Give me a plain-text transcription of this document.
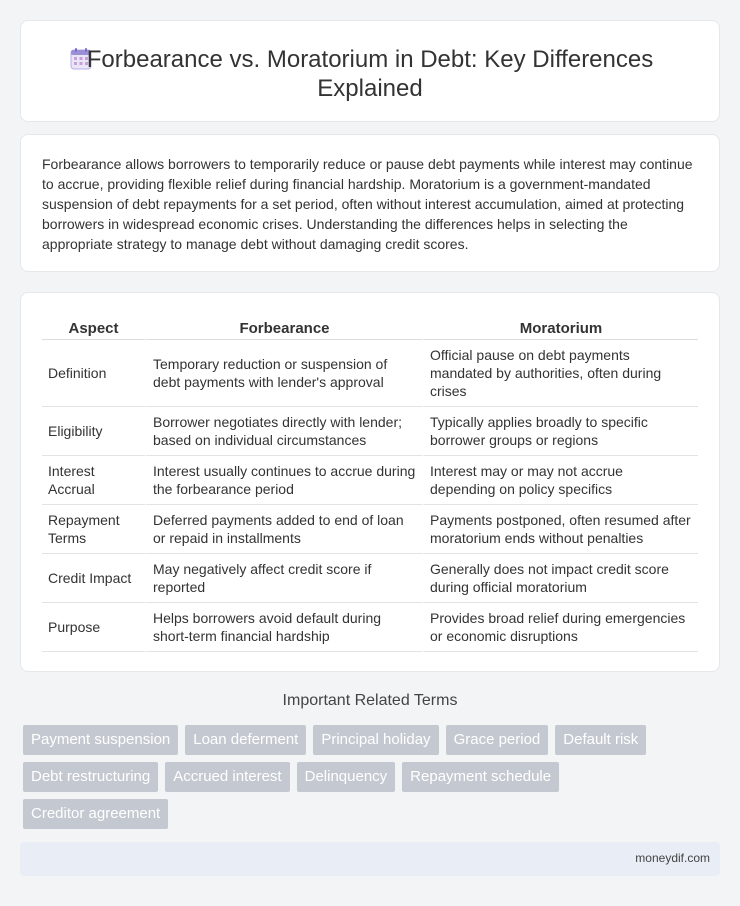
Forbearance vs. Moratorium in Debt: Key Differences Explained

Forbearance allows borrowers to temporarily reduce or pause debt payments while interest may continue to accrue, providing flexible relief during financial hardship. Moratorium is a government-mandated suspension of debt repayments for a set period, often without interest accumulation, aimed at protecting borrowers in widespread economic crises. Understanding the differences helps in selecting the appropriate strategy to manage debt without damaging credit scores.

Aspect	Forbearance	Moratorium
Definition	Temporary reduction or suspension of debt payments with lender's approval	Official pause on debt payments mandated by authorities, often during crises
Eligibility	Borrower negotiates directly with lender; based on individual circumstances	Typically applies broadly to specific borrower groups or regions
Interest Accrual	Interest usually continues to accrue during the forbearance period	Interest may or may not accrue depending on policy specifics
Repayment Terms	Deferred payments added to end of loan or repaid in installments	Payments postponed, often resumed after moratorium ends without penalties
Credit Impact	May negatively affect credit score if reported	Generally does not impact credit score during official moratorium
Purpose	Helps borrowers avoid default during short-term financial hardship	Provides broad relief during emergencies or economic disruptions
Important Related Terms
Payment suspension	Loan deferment	Principal holiday	Grace period	Default risk
Debt restructuring	Accrued interest	Delinquency	Repayment schedule
Creditor agreement
moneydif.com
